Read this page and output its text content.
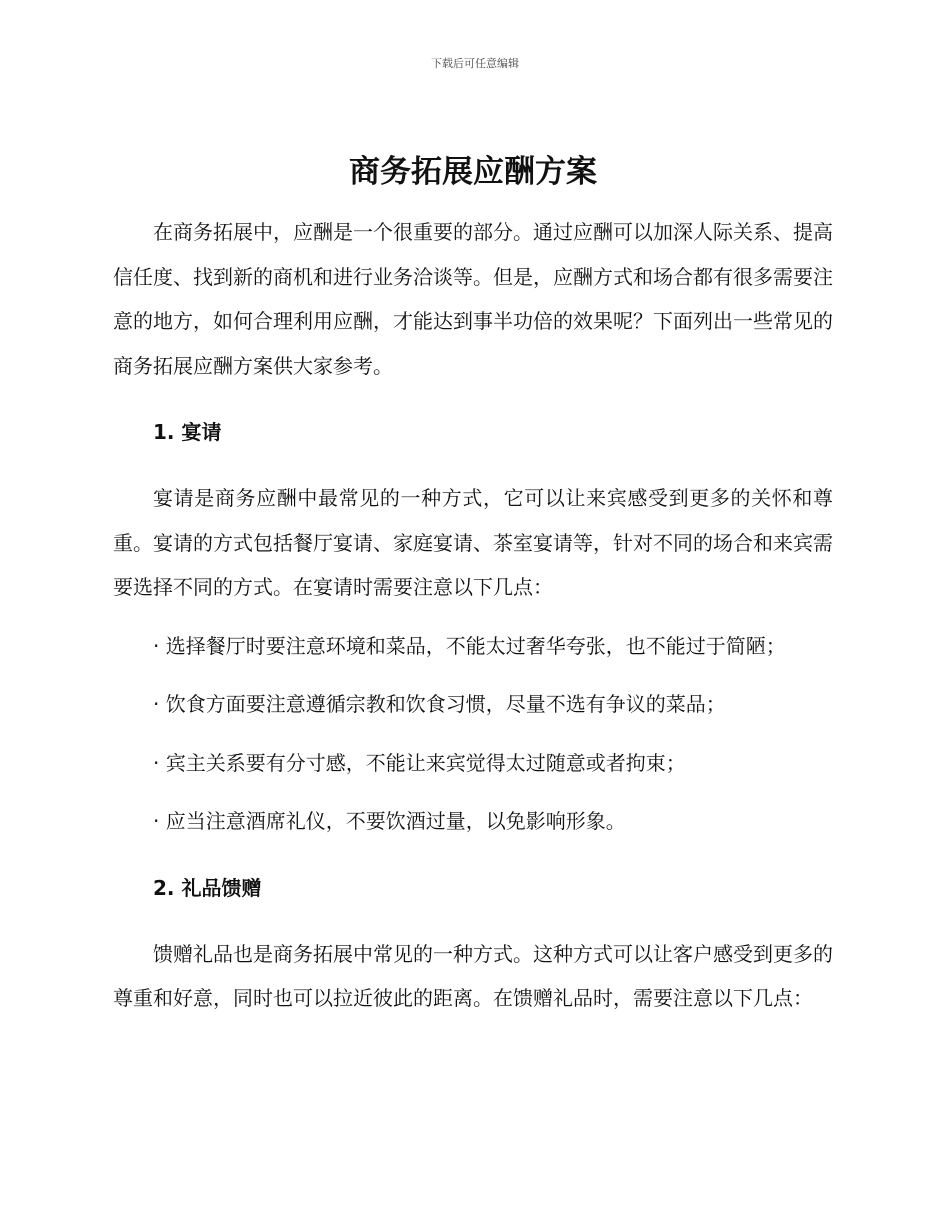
下载后可任意编辑
商务拓展应酬方案

在商务拓展中，应酬是一个很重要的部分。通过应酬可以加深人际关系、提高信任度、找到新的商机和进行业务洽谈等。但是，应酬方式和场合都有很多需要注意的地方，如何合理利用应酬，才能达到事半功倍的效果呢？下面列出一些常见的商务拓展应酬方案供大家参考。

1. 宴请

宴请是商务应酬中最常见的一种方式，它可以让来宾感受到更多的关怀和尊重。宴请的方式包括餐厅宴请、家庭宴请、茶室宴请等，针对不同的场合和来宾需要选择不同的方式。在宴请时需要注意以下几点：

· 选择餐厅时要注意环境和菜品，不能太过奢华夸张，也不能过于简陋；

· 饮食方面要注意遵循宗教和饮食习惯，尽量不选有争议的菜品；

· 宾主关系要有分寸感，不能让来宾觉得太过随意或者拘束；

· 应当注意酒席礼仪，不要饮酒过量，以免影响形象。

2. 礼品馈赠

馈赠礼品也是商务拓展中常见的一种方式。这种方式可以让客户感受到更多的尊重和好意，同时也可以拉近彼此的距离。在馈赠礼品时，需要注意以下几点：
